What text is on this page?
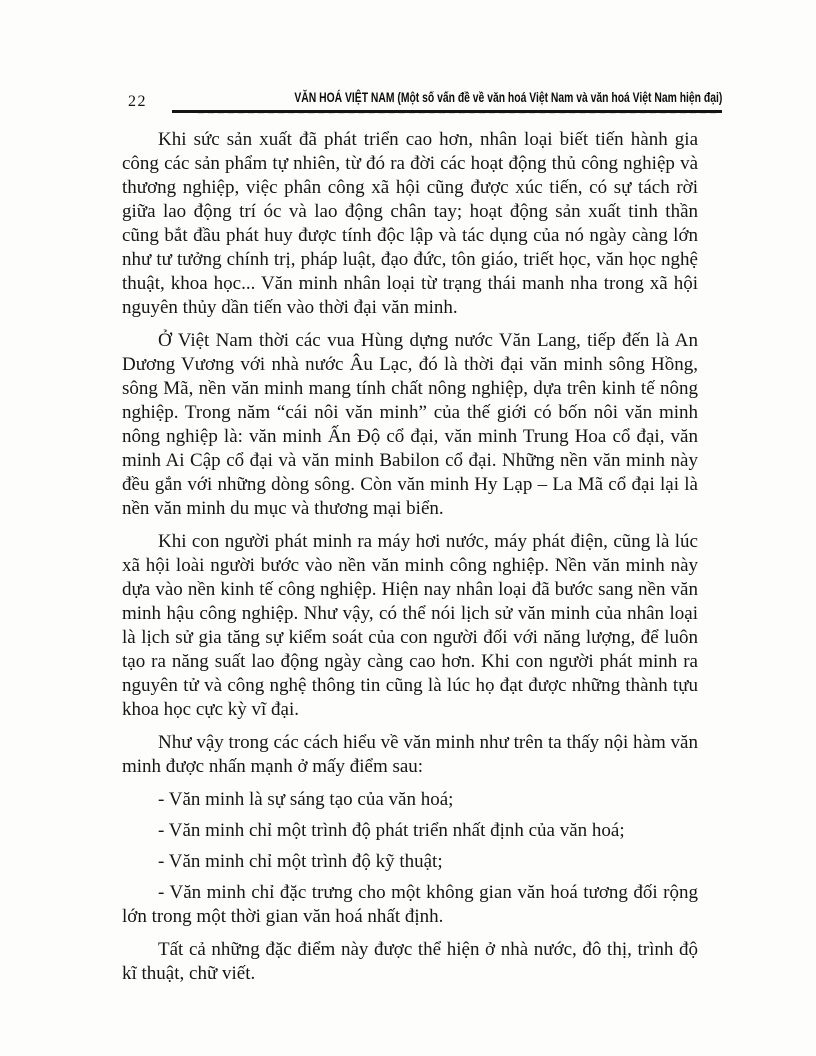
22	VĂN HOÁ VIỆT NAM (Một số vấn đề về văn hoá Việt Nam và văn hoá Việt Nam hiện đại)

Khi sức sản xuất đã phát triển cao hơn, nhân loại biết tiến hành gia công các sản phẩm tự nhiên, từ đó ra đời các hoạt động thủ công nghiệp và thương nghiệp, việc phân công xã hội cũng được xúc tiến, có sự tách rời giữa lao động trí óc và lao động chân tay; hoạt động sản xuất tinh thần cũng bắt đầu phát huy được tính độc lập và tác dụng của nó ngày càng lớn như tư tưởng chính trị, pháp luật, đạo đức, tôn giáo, triết học, văn học nghệ thuật, khoa học... Văn minh nhân loại từ trạng thái manh nha trong xã hội nguyên thủy dần tiến vào thời đại văn minh.

Ở Việt Nam thời các vua Hùng dựng nước Văn Lang, tiếp đến là An Dương Vương với nhà nước Âu Lạc, đó là thời đại văn minh sông Hồng, sông Mã, nền văn minh mang tính chất nông nghiệp, dựa trên kinh tế nông nghiệp. Trong năm “cái nôi văn minh” của thế giới có bốn nôi văn minh nông nghiệp là: văn minh Ấn Độ cổ đại, văn minh Trung Hoa cổ đại, văn minh Ai Cập cổ đại và văn minh Babilon cổ đại. Những nền văn minh này đều gắn với những dòng sông. Còn văn minh Hy Lạp – La Mã cổ đại lại là nền văn minh du mục và thương mại biển.

Khi con người phát minh ra máy hơi nước, máy phát điện, cũng là lúc xã hội loài người bước vào nền văn minh công nghiệp. Nền văn minh này dựa vào nền kinh tế công nghiệp. Hiện nay nhân loại đã bước sang nền văn minh hậu công nghiệp. Như vậy, có thể nói lịch sử văn minh của nhân loại là lịch sử gia tăng sự kiểm soát của con người đối với năng lượng, để luôn tạo ra năng suất lao động ngày càng cao hơn. Khi con người phát minh ra nguyên tử và công nghệ thông tin cũng là lúc họ đạt được những thành tựu khoa học cực kỳ vĩ đại.

Như vậy trong các cách hiểu về văn minh như trên ta thấy nội hàm văn minh được nhấn mạnh ở mấy điểm sau:

- Văn minh là sự sáng tạo của văn hoá;

- Văn minh chỉ một trình độ phát triển nhất định của văn hoá;

- Văn minh chỉ một trình độ kỹ thuật;

- Văn minh chỉ đặc trưng cho một không gian văn hoá tương đối rộng lớn trong một thời gian văn hoá nhất định.

Tất cả những đặc điểm này được thể hiện ở nhà nước, đô thị, trình độ kĩ thuật, chữ viết.
